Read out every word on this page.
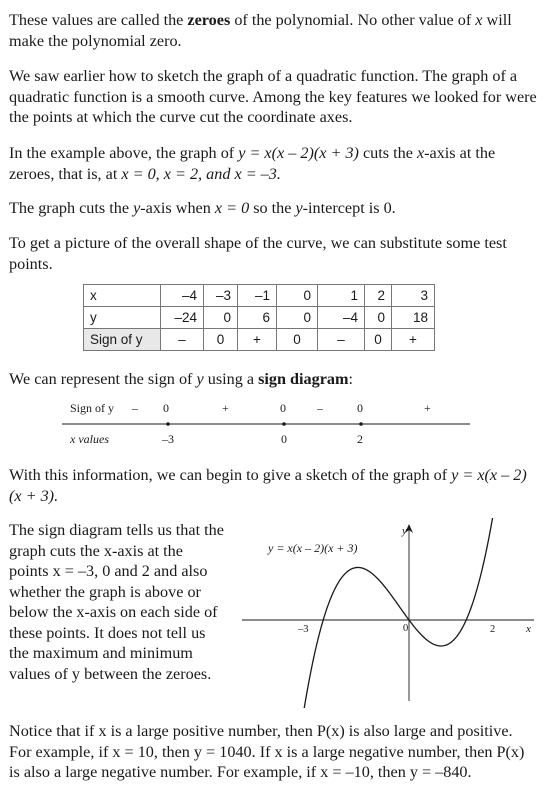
These values are called the zeroes of the polynomial. No other value of x will make the polynomial zero.

We saw earlier how to sketch the graph of a quadratic function. The graph of a quadratic function is a smooth curve. Among the key features we looked for were the points at which the curve cut the coordinate axes.

In the example above, the graph of y = x(x – 2)(x + 3) cuts the x-axis at the zeroes, that is, at x = 0, x = 2, and x = –3.

The graph cuts the y-axis when x = 0 so the y-intercept is 0.

To get a picture of the overall shape of the curve, we can substitute some test points.

x	–4	–3	–1	0	1	2	3
y	–24	0	6	0	–4	0	18
Sign of y	–	0	+	0	–	0	+

We can represent the sign of y using a sign diagram:

Sign of y – 0	+	0	–	0	+
x values	–3	0	2

With this information, we can begin to give a sketch of the graph of y = x(x – 2)(x + 3).

The sign diagram tells us that the graph cuts the x-axis at the points x = –3, 0 and 2 and also whether the graph is above or below the x-axis on each side of these points. It does not tell us the maximum and minimum values of y between the zeroes.

y = x(x – 2)(x + 3)
y
x
–3	0	2

Notice that if x is a large positive number, then P(x) is also large and positive. For example, if x = 10, then y = 1040. If x is a large negative number, then P(x) is also a large negative number. For example, if x = –10, then y = –840.
